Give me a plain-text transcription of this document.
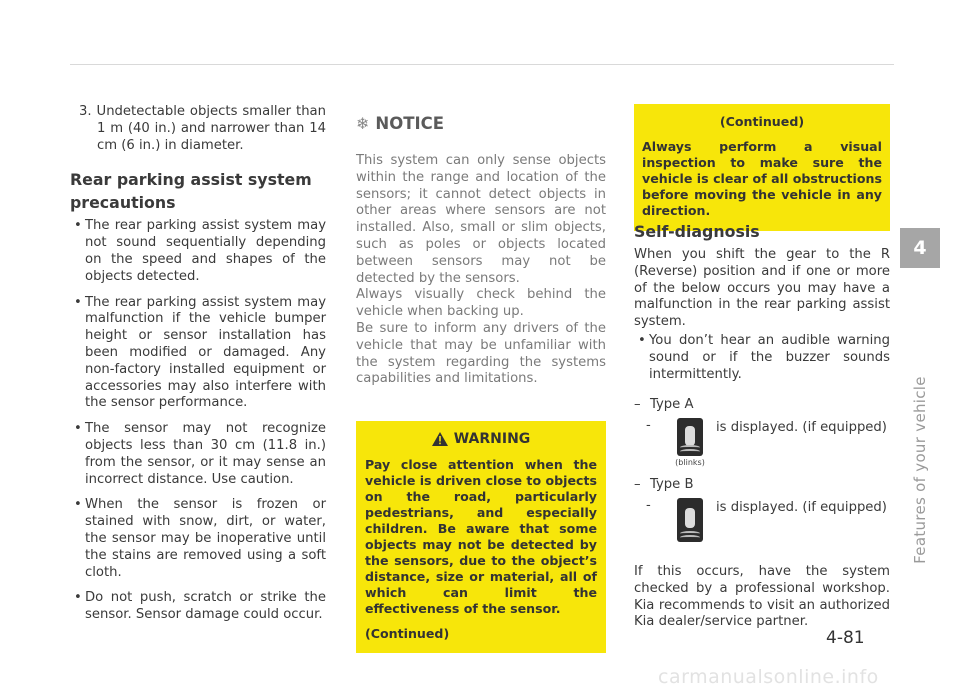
3. Undetectable objects smaller than 1 m (40 in.) and narrower than 14 cm (6 in.) in diameter.

Rear parking assist system precautions
• The rear parking assist system may not sound sequentially depending on the speed and shapes of the objects detected.
• The rear parking assist system may malfunction if the vehicle bumper height or sensor installation has been modified or damaged. Any non-factory installed equipment or accessories may also interfere with the sensor performance.
• The sensor may not recognize objects less than 30 cm (11.8 in.) from the sensor, or it may sense an incorrect distance. Use caution.
• When the sensor is frozen or stained with snow, dirt, or water, the sensor may be inoperative until the stains are removed using a soft cloth.
• Do not push, scratch or strike the sensor. Sensor damage could occur.
❄ NOTICE

This system can only sense objects within the range and location of the sensors; it cannot detect objects in other areas where sensors are not installed. Also, small or slim objects, such as poles or objects located between sensors may not be detected by the sensors.

Always visually check behind the vehicle when backing up.

Be sure to inform any drivers of the vehicle that may be unfamiliar with the system regarding the systems capabilities and limitations.

WARNING

Pay close attention when the vehicle is driven close to objects on the road, particularly pedestrians, and especially children. Be aware that some objects may not be detected by the sensors, due to the object’s distance, size or material, all of which can limit the effectiveness of the sensor.

(Continued)

(Continued)

Always perform a visual inspection to make sure the vehicle is clear of all obstructions before moving the vehicle in any direction.

Self-diagnosis

When you shift the gear to the R (Reverse) position and if one or more of the below occurs you may have a malfunction in the rear parking assist system.

• You don’t hear an audible warning sound or if the buzzer sounds intermittently.
– Type A
-
(blinks)
is displayed. (if equipped)
– Type B
-	is displayed. (if equipped)

If this occurs, have the system checked by a professional workshop. Kia recommends to visit an authorized Kia dealer/service partner.

4
Features of your vehicle
4-81
carmanualsonline.info
